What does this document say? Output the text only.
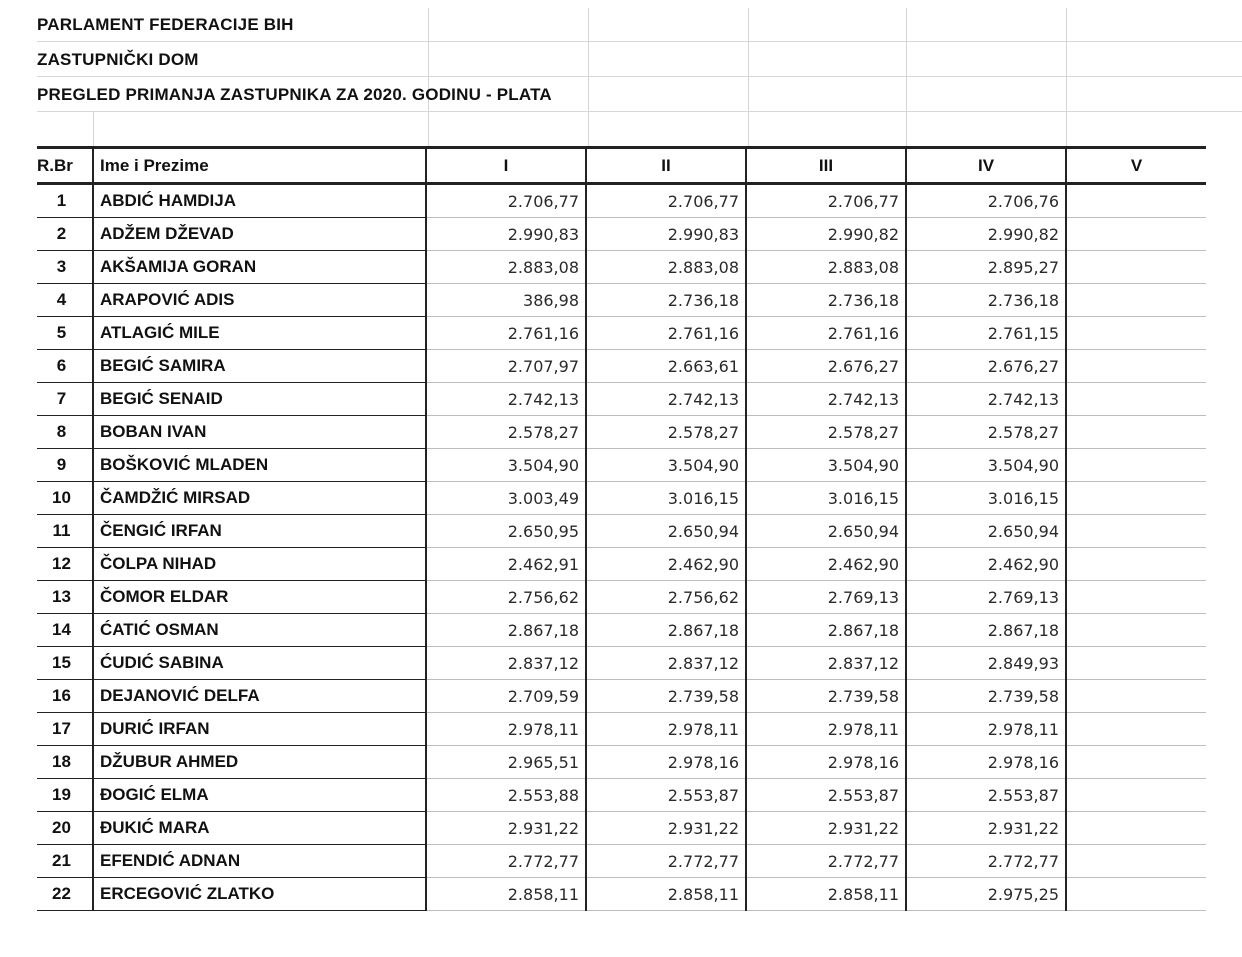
PARLAMENT FEDERACIJE BIH
ZASTUPNIČKI DOM
PREGLED PRIMANJA ZASTUPNIKA ZA 2020. GODINU - PLATA
R.Br	Ime i Prezime	I	II	III	IV	V
1	ABDIĆ HAMDIJA	2.706,77	2.706,77	2.706,77	2.706,76	
2	ADŽEM DŽEVAD	2.990,83	2.990,83	2.990,82	2.990,82	
3	AKŠAMIJA GORAN	2.883,08	2.883,08	2.883,08	2.895,27	
4	ARAPOVIĆ ADIS	386,98	2.736,18	2.736,18	2.736,18	
5	ATLAGIĆ MILE	2.761,16	2.761,16	2.761,16	2.761,15	
6	BEGIĆ SAMIRA	2.707,97	2.663,61	2.676,27	2.676,27	
7	BEGIĆ SENAID	2.742,13	2.742,13	2.742,13	2.742,13	
8	BOBAN IVAN	2.578,27	2.578,27	2.578,27	2.578,27	
9	BOŠKOVIĆ MLADEN	3.504,90	3.504,90	3.504,90	3.504,90	
10	ČAMDŽIĆ MIRSAD	3.003,49	3.016,15	3.016,15	3.016,15	
11	ČENGIĆ IRFAN	2.650,95	2.650,94	2.650,94	2.650,94	
12	ČOLPA NIHAD	2.462,91	2.462,90	2.462,90	2.462,90	
13	ČOMOR ELDAR	2.756,62	2.756,62	2.769,13	2.769,13	
14	ĆATIĆ OSMAN	2.867,18	2.867,18	2.867,18	2.867,18	
15	ĆUDIĆ SABINA	2.837,12	2.837,12	2.837,12	2.849,93	
16	DEJANOVIĆ DELFA	2.709,59	2.739,58	2.739,58	2.739,58	
17	DURIĆ IRFAN	2.978,11	2.978,11	2.978,11	2.978,11	
18	DŽUBUR AHMED	2.965,51	2.978,16	2.978,16	2.978,16	
19	ĐOGIĆ ELMA	2.553,88	2.553,87	2.553,87	2.553,87	
20	ĐUKIĆ MARA	2.931,22	2.931,22	2.931,22	2.931,22	
21	EFENDIĆ ADNAN	2.772,77	2.772,77	2.772,77	2.772,77	
22	ERCEGOVIĆ ZLATKO	2.858,11	2.858,11	2.858,11	2.975,25	
